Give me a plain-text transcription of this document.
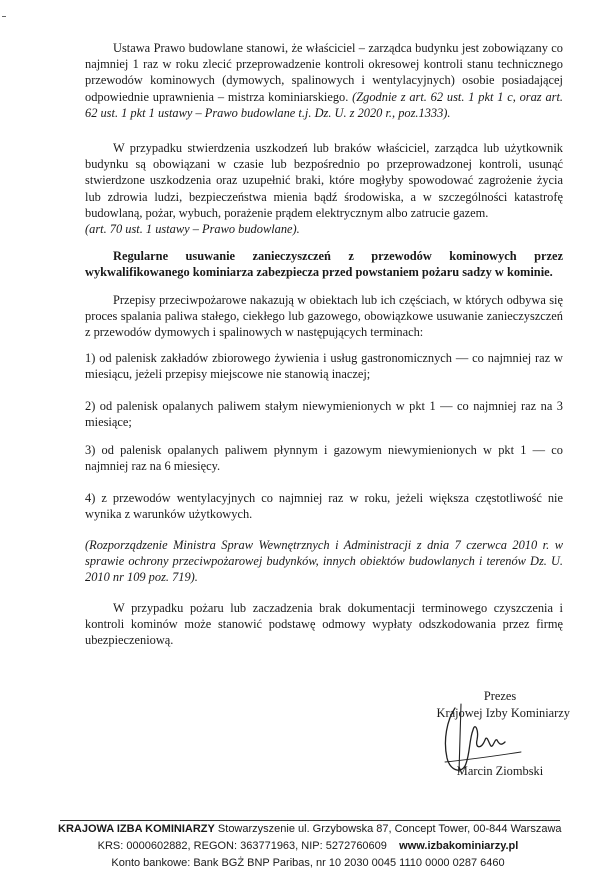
Ustawa Prawo budowlane stanowi, że właściciel – zarządca budynku jest zobowiązany co najmniej 1 raz w roku zlecić przeprowadzenie kontroli okresowej kontroli stanu technicznego przewodów kominowych (dymowych, spalinowych i wentylacyjnych) osobie posiadającej odpowiednie uprawnienia – mistrza kominiarskiego. (Zgodnie z art. 62 ust. 1 pkt 1 c, oraz art. 62 ust. 1 pkt 1 ustawy – Prawo budowlane t.j. Dz. U. z 2020 r., poz.1333).

W przypadku stwierdzenia uszkodzeń lub braków właściciel, zarządca lub użytkownik budynku są obowiązani w czasie lub bezpośrednio po przeprowadzonej kontroli, usunąć stwierdzone uszkodzenia oraz uzupełnić braki, które mogłyby spowodować zagrożenie życia lub zdrowia ludzi, bezpieczeństwa mienia bądź środowiska, a w szczególności katastrofę budowlaną, pożar, wybuch, porażenie prądem elektrycznym albo zatrucie gazem.
(art. 70 ust. 1 ustawy – Prawo budowlane).

Regularne usuwanie zanieczyszczeń z przewodów kominowych przez wykwalifikowanego kominiarza zabezpiecza przed powstaniem pożaru sadzy w kominie.

Przepisy przeciwpożarowe nakazują w obiektach lub ich częściach, w których odbywa się proces spalania paliwa stałego, ciekłego lub gazowego, obowiązkowe usuwanie zanieczyszczeń z przewodów dymowych i spalinowych w następujących terminach:

1) od palenisk zakładów zbiorowego żywienia i usług gastronomicznych — co najmniej raz w miesiącu, jeżeli przepisy miejscowe nie stanowią inaczej;

2) od palenisk opalanych paliwem stałym niewymienionych w pkt 1 — co najmniej raz na 3 miesiące;

3) od palenisk opalanych paliwem płynnym i gazowym niewymienionych w pkt 1 — co najmniej raz na 6 miesięcy.

4) z przewodów wentylacyjnych co najmniej raz w roku, jeżeli większa częstotliwość nie wynika z warunków użytkowych.

(Rozporządzenie Ministra Spraw Wewnętrznych i Administracji z dnia 7 czerwca 2010 r. w sprawie ochrony przeciwpożarowej budynków, innych obiektów budowlanych i terenów Dz. U. 2010 nr 109 poz. 719).

W przypadku pożaru lub zaczadzenia brak dokumentacji terminowego czyszczenia i kontroli kominów może stanowić podstawę odmowy wypłaty odszkodowania przez firmę ubezpieczeniową.

Prezes
Krajowej Izby Kominiarzy
Marcin Ziombski
KRAJOWA IZBA KOMINIARZY Stowarzyszenie ul. Grzybowska 87, Concept Tower, 00-844 Warszawa
KRS: 0000602882, REGON: 363771963, NIP: 5272760609 www.izbakominiarzy.pl
Konto bankowe: Bank BGŻ BNP Paribas, nr 10 2030 0045 1110 0000 0287 6460
